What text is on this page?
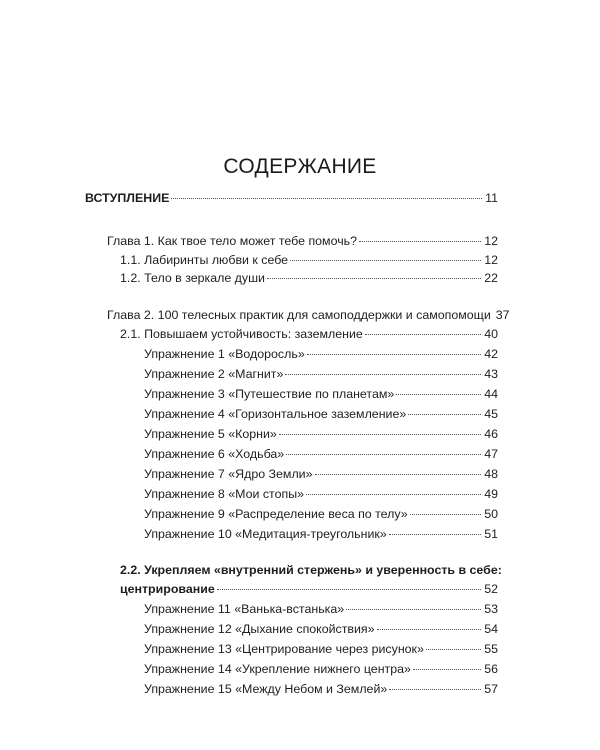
СОДЕРЖАНИЕ
ВСТУПЛЕНИЕ	11
Глава 1. Как твое тело может тебе помочь?	12
1.1. Лабиринты любви к себе	12
1.2. Тело в зеркале души	22
Глава 2. 100 телесных практик для самоподдержки и самопомощи 37
2.1. Повышаем устойчивость: заземление	40
Упражнение 1 «Водоросль»	42
Упражнение 2 «Магнит»	43
Упражнение 3 «Путешествие по планетам»	44
Упражнение 4 «Горизонтальное заземление»	45
Упражнение 5 «Корни»	46
Упражнение 6 «Ходьба»	47
Упражнение 7 «Ядро Земли»	48
Упражнение 8 «Мои стопы»	49
Упражнение 9 «Распределение веса по телу»	50
Упражнение 10 «Медитация-треугольник»	51
2.2. Укрепляем «внутренний стержень» и уверенность в себе:
центрирование	52
Упражнение 11 «Ванька-встанька»	53
Упражнение 12 «Дыхание спокойствия»	54
Упражнение 13 «Центрирование через рисунок»	55
Упражнение 14 «Укрепление нижнего центра»	56
Упражнение 15 «Между Небом и Землей»	57
